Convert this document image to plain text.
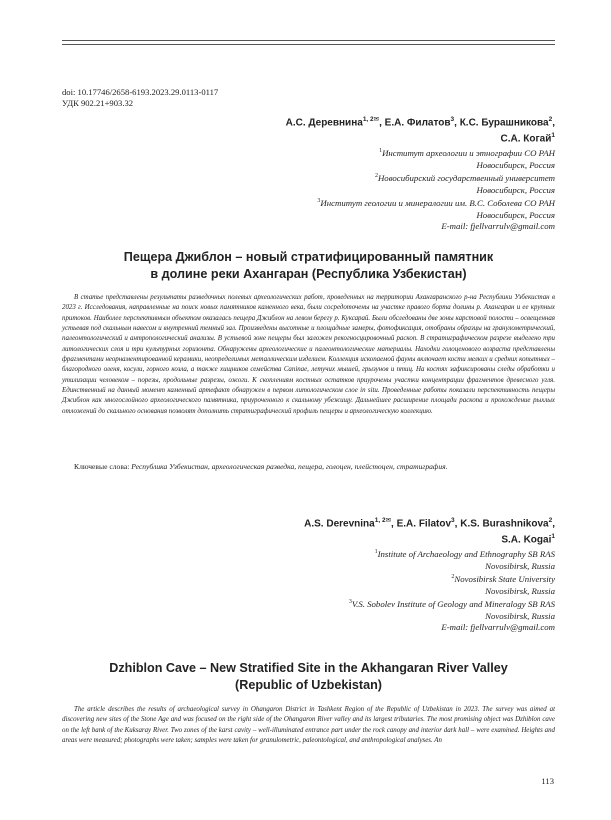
doi: 10.17746/2658-6193.2023.29.0113-0117
УДК 902.21+903.32
А.С. Деревнина$^{1, 2✉}$, Е.А. Филатов$^3$, К.С. Бурашникова$^2$,
С.А. Когай$^1$
$^1$Институт археологии и этнографии СО РАН
Новосибирск, Россия
$^2$Новосибирский государственный университет
Новосибирск, Россия
$^3$Институт геологии и минералогии им. В.С. Соболева СО РАН
Новосибирск, Россия
E-mail: fjellvarrulv@gmail.com
Пещера Джиблон – новый стратифицированный памятник
в долине реки Ахангаран (Республика Узбекистан)
В статье представлены результаты разведочных полевых археологических работ, проведенных на территории Ахангаранского р-на Республики Узбекистан в 2023 г. Исследования, направленные на поиск новых памятников каменного века, были сосредоточены на участке правого борта долины р. Ахангаран и ее крупных притоков. Наиболее перспективным объектом оказалась пещера Джиблон на левом берегу р. Куксарай. Были обследованы две зоны карстовой полости – освещенная устьевая под скальным навесом и внутренний темный зал. Произведены высотные и площадные замеры, фотофиксация, отобраны образцы на гранулометрический, палеонтологический и антропологический анализы. В устьевой зоне пещеры был заложен рекогносцировочный раскоп. В стратиграфическом разрезе выделено три литологических слоя и три культурных горизонта. Обнаружены археологические и палеонтологические материалы. Находки голоценового возраста представлены фрагментами неорнаментированной керамики, неопределимых металлическим изделием. Коллекция ископаемой фауны включает кости мелких и средних копытных – благородного оленя, косули, горного козла, а также хищников семейства Caninae, летучих мышей, грызунов и птиц. На костях зафиксированы следы обработки и утилизации человеком – порезы, продольные разрезы, ожоги. К скоплениям костных остатков приурочены участки концентрации фрагментов древесного угля. Единственный на данный момент каменный артефакт обнаружен в первом литологическом слое in situ. Проведенные работы показали перспективность пещеры Джиблон как многослойного археологического памятника, приуроченного к скальному убежищу. Дальнейшее расширение площади раскопа и прохождение рыхлых отложений до скального основания позволят дополнить стратиграфический профиль пещеры и археологическую коллекцию.
Ключевые слова: Республика Узбекистан, археологическая разведка, пещера, голоцен, плейстоцен, стратиграфия.
A.S. Derevnina$^{1, 2✉}$, E.A. Filatov$^3$, K.S. Burashnikova$^2$,
S.A. Kogai$^1$
$^1$Institute of Archaeology and Ethnography SB RAS
Novosibirsk, Russia
$^2$Novosibirsk State University
Novosibirsk, Russia
$^3$V.S. Sobolev Institute of Geology and Mineralogy SB RAS
Novosibirsk, Russia
E-mail: fjellvarrulv@gmail.com
Dzhiblon Cave – New Stratified Site in the Akhangaran River Valley
(Republic of Uzbekistan)
The article describes the results of archaeological survey in Ohangaron District in Tashkent Region of the Republic of Uzbekistan in 2023. The survey was aimed at discovering new sites of the Stone Age and was focused on the right side of the Ohangaron River valley and its largest tributaries. The most promising object was Dzhiblon cave on the left bank of the Kuksaray River. Two zones of the karst cavity – well-illuminated entrance part under the rock canopy and interior dark hall – were examined. Heights and areas were measured; photographs were taken; samples were taken for granulometric, paleontological, and anthropological analyses. An
113
